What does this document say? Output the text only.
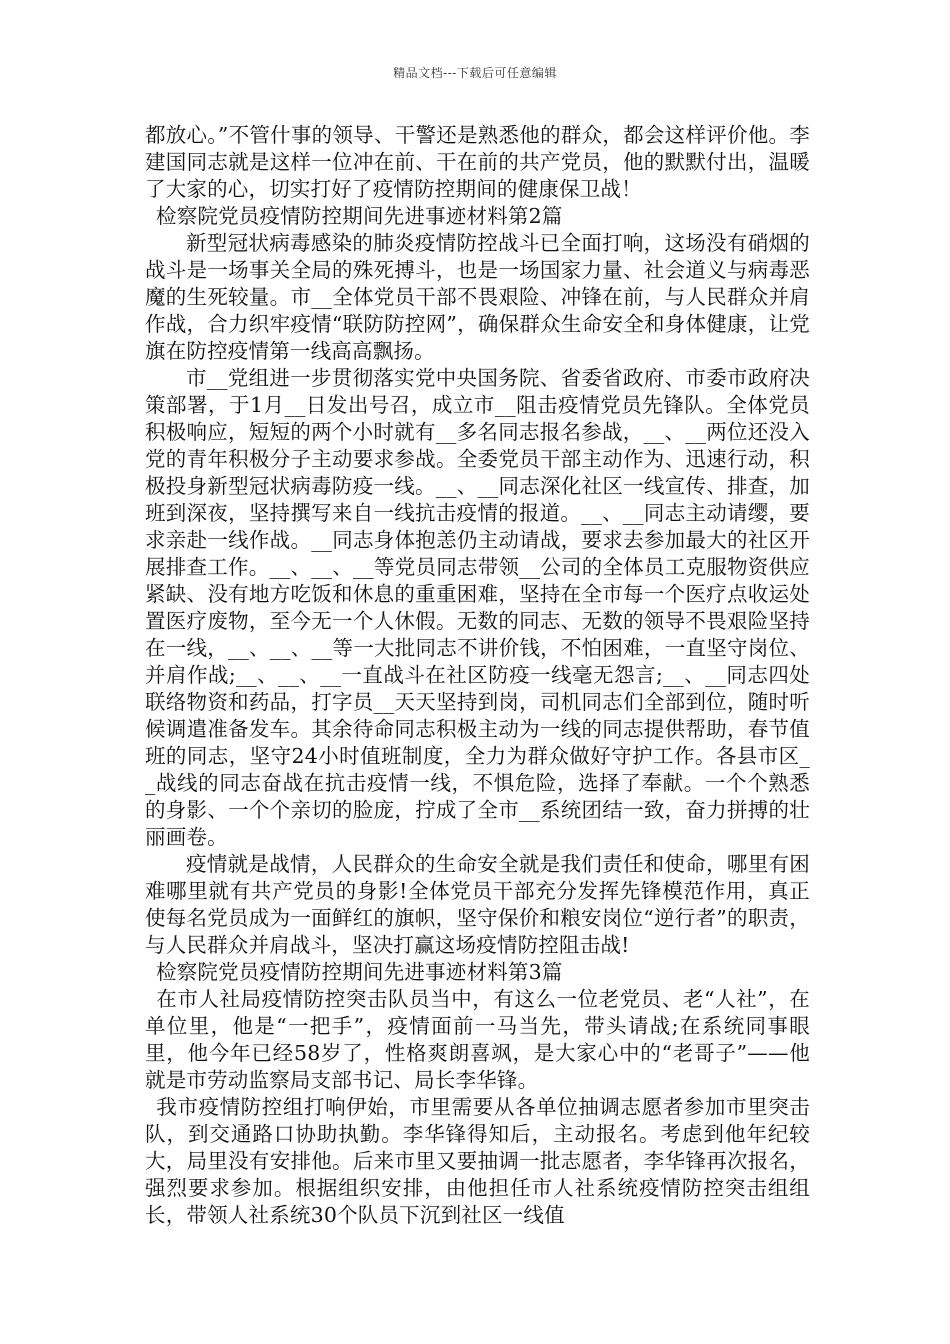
精品文档---下载后可任意编辑

都放心。”不管什事的领导、干警还是熟悉他的群众，都会这样评价他。李建国同志就是这样一位冲在前、干在前的共产党员，他的默默付出，温暖了大家的心，切实打好了疫情防控期间的健康保卫战！

检察院党员疫情防控期间先进事迹材料第2篇

新型冠状病毒感染的肺炎疫情防控战斗已全面打响，这场没有硝烟的战斗是一场事关全局的殊死搏斗，也是一场国家力量、社会道义与病毒恶魔的生死较量。市__全体党员干部不畏艰险、冲锋在前，与人民群众并肩作战，合力织牢疫情“联防防控网”，确保群众生命安全和身体健康，让党旗在防控疫情第一线高高飘扬。

市__党组进一步贯彻落实党中央国务院、省委省政府、市委市政府决策部署，于1月__日发出号召，成立市__阻击疫情党员先锋队。全体党员积极响应，短短的两个小时就有__多名同志报名参战，__、__两位还没入党的青年积极分子主动要求参战。全委党员干部主动作为、迅速行动，积极投身新型冠状病毒防疫一线。__、__同志深化社区一线宣传、排查，加班到深夜，坚持撰写来自一线抗击疫情的报道。__、__同志主动请缨，要求亲赴一线作战。__同志身体抱恙仍主动请战，要求去参加最大的社区开展排查工作。__、__、__等党员同志带领__公司的全体员工克服物资供应紧缺、没有地方吃饭和休息的重重困难，坚持在全市每一个医疗点收运处置医疗废物，至今无一个人休假。无数的同志、无数的领导不畏艰险坚持在一线，__、__、__等一大批同志不讲价钱，不怕困难，一直坚守岗位、并肩作战;__、__、__一直战斗在社区防疫一线毫无怨言;__、__同志四处联络物资和药品，打字员__天天坚持到岗，司机同志们全部到位，随时听候调遣准备发车。其余待命同志积极主动为一线的同志提供帮助，春节值班的同志，坚守24小时值班制度，全力为群众做好守护工作。各县市区__战线的同志奋战在抗击疫情一线，不惧危险，选择了奉献。一个个熟悉的身影、一个个亲切的脸庞，拧成了全市__系统团结一致，奋力拼搏的壮丽画卷。

疫情就是战情，人民群众的生命安全就是我们责任和使命，哪里有困难哪里就有共产党员的身影!全体党员干部充分发挥先锋模范作用，真正使每名党员成为一面鲜红的旗帜，坚守保价和粮安岗位“逆行者”的职责，与人民群众并肩战斗，坚决打赢这场疫情防控阻击战!

检察院党员疫情防控期间先进事迹材料第3篇

在市人社局疫情防控突击队员当中，有这么一位老党员、老“人社”，在单位里，他是“一把手”，疫情面前一马当先，带头请战;在系统同事眼里，他今年已经58岁了，性格爽朗喜飒，是大家心中的“老哥子”——他就是市劳动监察局支部书记、局长李华锋。

我市疫情防控组打响伊始，市里需要从各单位抽调志愿者参加市里突击队，到交通路口协助执勤。李华锋得知后，主动报名。考虑到他年纪较大，局里没有安排他。后来市里又要抽调一批志愿者，李华锋再次报名，强烈要求参加。根据组织安排，由他担任市人社系统疫情防控突击组组长，带领人社系统30个队员下沉到社区一线值
